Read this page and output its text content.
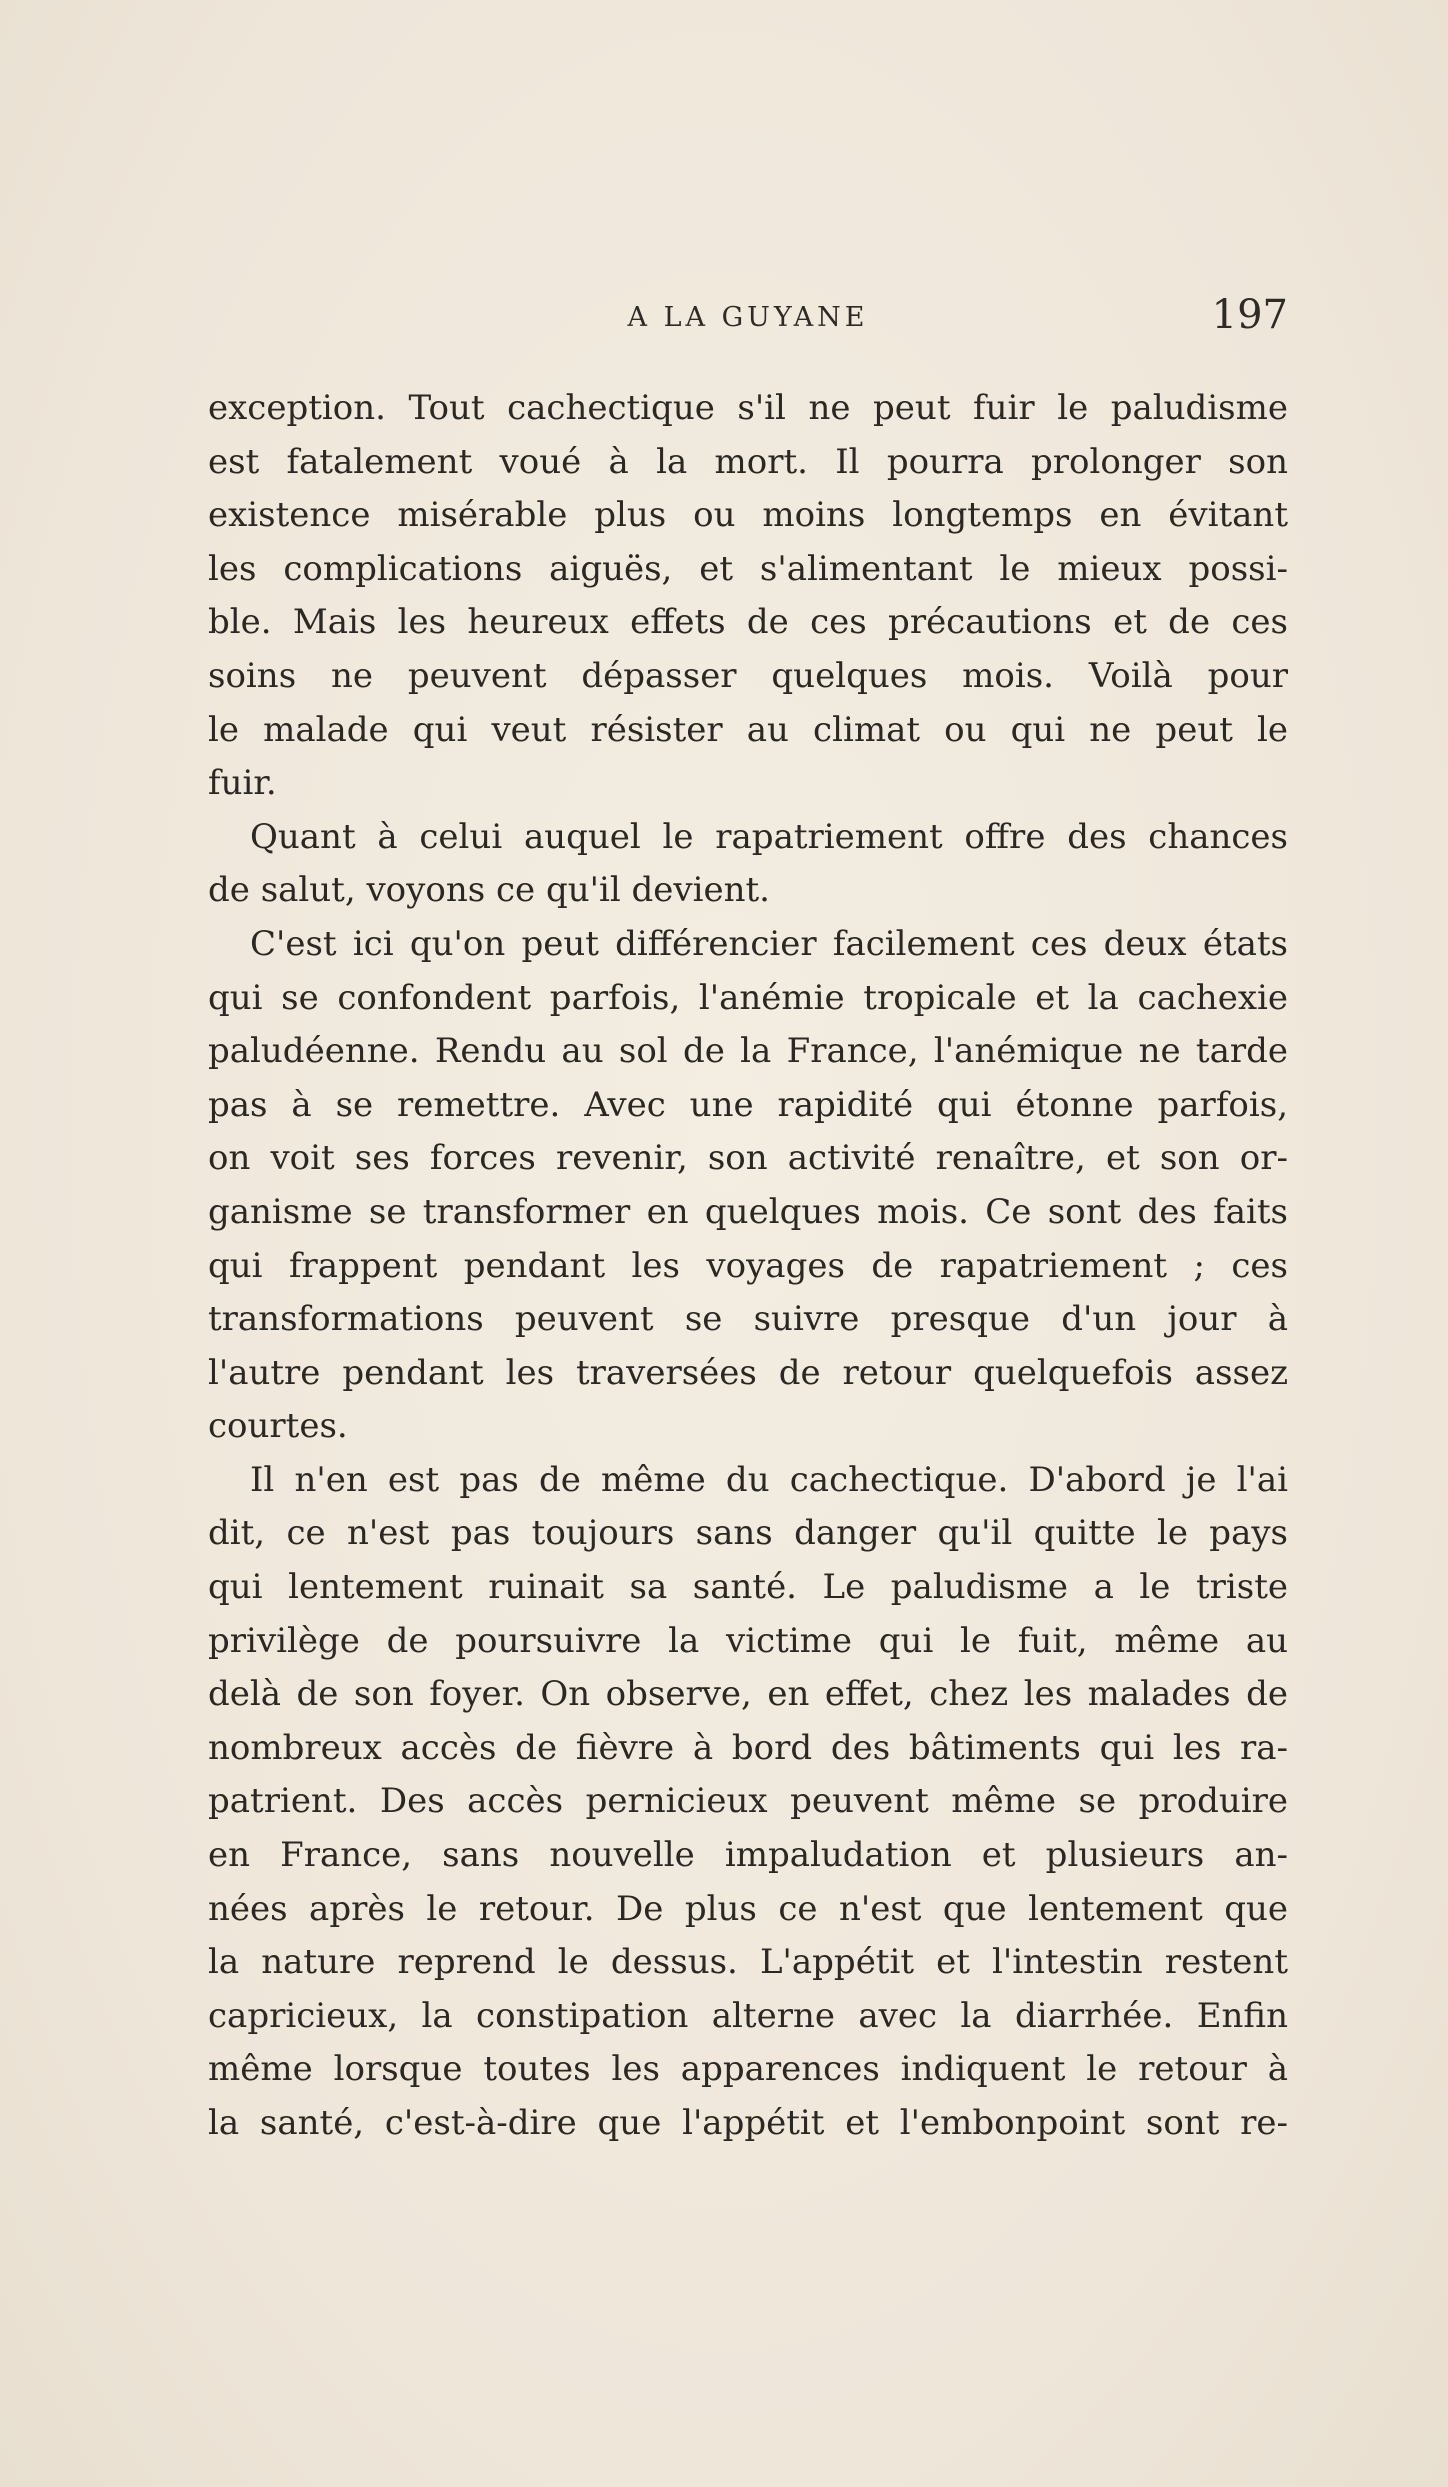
A LA GUYANE	197
exception. Tout cachectique s'il ne peut fuir le paludisme
est fatalement voué à la mort. Il pourra prolonger son
existence misérable plus ou moins longtemps en évitant
les complications aiguës, et s'alimentant le mieux possi-
ble. Mais les heureux effets de ces précautions et de ces
soins ne peuvent dépasser quelques mois. Voilà pour
le malade qui veut résister au climat ou qui ne peut le
fuir.
Quant à celui auquel le rapatriement offre des chances
de salut, voyons ce qu'il devient.
C'est ici qu'on peut différencier facilement ces deux états
qui se confondent parfois, l'anémie tropicale et la cachexie
paludéenne. Rendu au sol de la France, l'anémique ne tarde
pas à se remettre. Avec une rapidité qui étonne parfois,
on voit ses forces revenir, son activité renaître, et son or-
ganisme se transformer en quelques mois. Ce sont des faits
qui frappent pendant les voyages de rapatriement ; ces
transformations peuvent se suivre presque d'un jour à
l'autre pendant les traversées de retour quelquefois assez
courtes.
Il n'en est pas de même du cachectique. D'abord je l'ai
dit, ce n'est pas toujours sans danger qu'il quitte le pays
qui lentement ruinait sa santé. Le paludisme a le triste
privilège de poursuivre la victime qui le fuit, même au
delà de son foyer. On observe, en effet, chez les malades de
nombreux accès de fièvre à bord des bâtiments qui les ra-
patrient. Des accès pernicieux peuvent même se produire
en France, sans nouvelle impaludation et plusieurs an-
nées après le retour. De plus ce n'est que lentement que
la nature reprend le dessus. L'appétit et l'intestin restent
capricieux, la constipation alterne avec la diarrhée. Enfin
même lorsque toutes les apparences indiquent le retour à
la santé, c'est-à-dire que l'appétit et l'embonpoint sont re-
